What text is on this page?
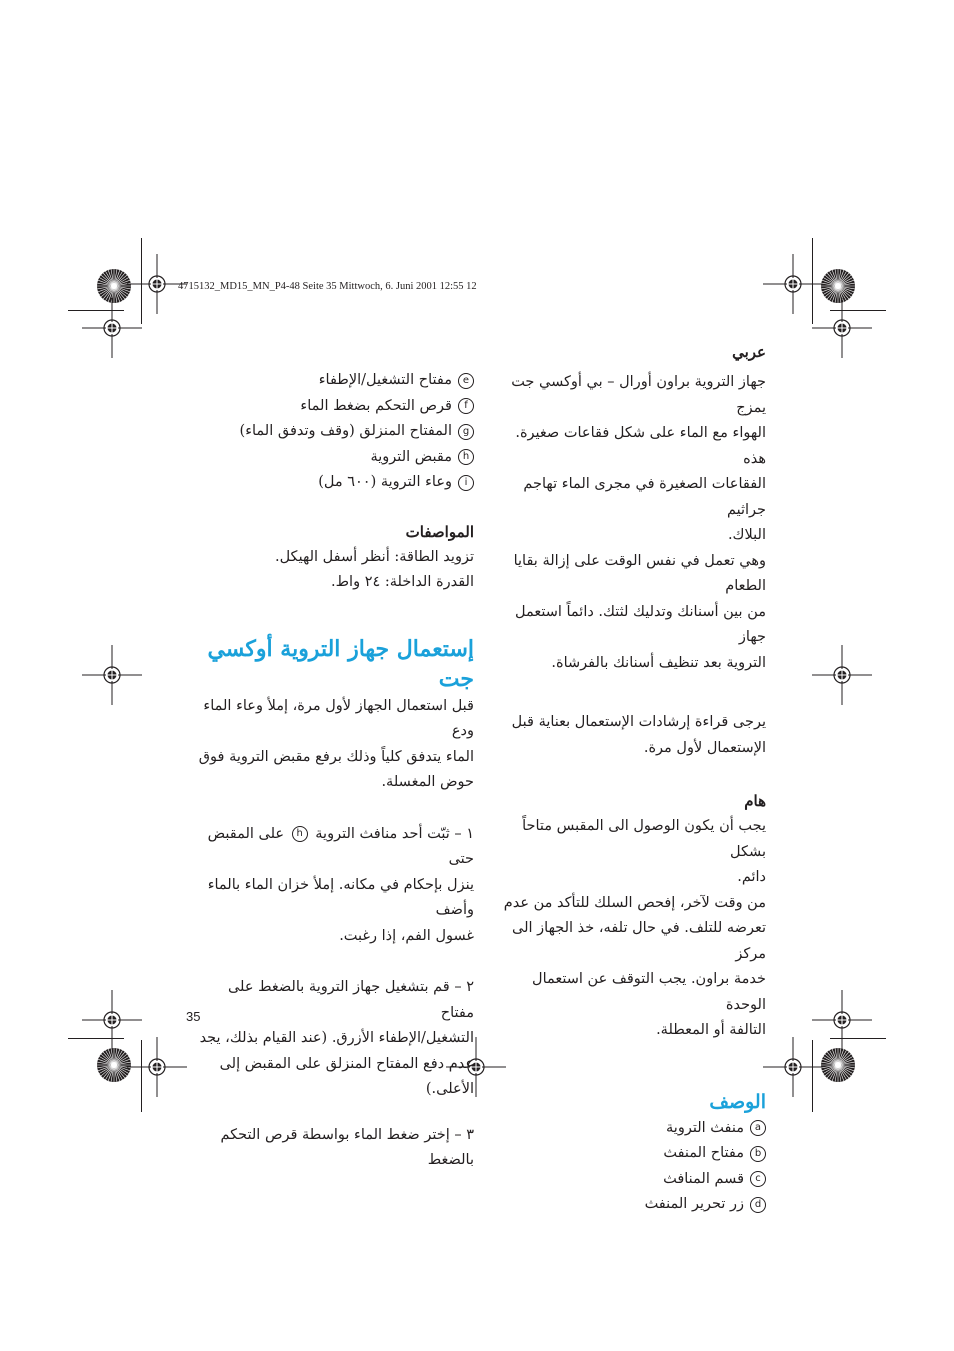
4715132_MD15_MN_P4-48 Seite 35 Mittwoch, 6. Juni 2001 12:55 12

عربي

جهاز التروية براون أورال – بي أوكسي جت يمزج

الهواء مع الماء على شكل فقاعات صغيرة. هذه

الفقاعات الصغيرة في مجرى الماء تهاجم جراثيم

البلاك.

وهي تعمل في نفس الوقت على إزالة بقايا الطعام

من بين أسنانك وتدليك لثتك. دائماً استعمل جهاز

التروية بعد تنظيف أسنانك بالفرشاة.

يرجى قراءة إرشادات الإستعمال بعناية قبل

الإستعمال لأول مرة.

هام

يجب أن يكون الوصول الى المقبس متاحاً بشكل

دائم.

من وقت لآخر، إفحص السلك للتأكد من عدم

تعرضه للتلف. في حال تلفه، خذ الجهاز الى مركز

خدمة براون. يجب التوقف عن استعمال الوحدة

التالفة أو المعطلة.

الوصف

a
منفث التروية
b
مفتاح المنفث
c
قسم المنافث
d
زر تحرير المنفث
e
مفتاح التشغيل/الإطفاء
f
قرص التحكم بضغط الماء
g
المفتاح المنزلق (وقف وتدفق الماء)
h
مقبض التروية
i
وعاء التروية (٦٠٠ مل)

المواصفات

تزويد الطاقة: أنظر أسفل الهيكل.

القدرة الداخلة: ٢٤ واط.

إستعمال جهاز التروية أوكسي جت

قبل استعمال الجهاز لأول مرة، إملأ وعاء الماء ودع

الماء يتدفق كلياً وذلك برفع مقبض التروية فوق

حوض المغسلة.

١ – ثبّت أحد منافث التروية h على المقبض حتى

ينزل بإحكام في مكانه. إملأ خزان الماء بالماء وأضف

غسول الفم، إذا رغبت.

٢ – قم بتشغيل جهاز التروية بالضغط على مفتاح

التشغيل/الإطفاء الأزرق. (عند القيام بذلك، يجد

عدم دفع المفتاح المنزلق على المقبض إلى الأعلى.)

٣ – إختر ضغط الماء بواسطة قرص التحكم بالضغط

35
